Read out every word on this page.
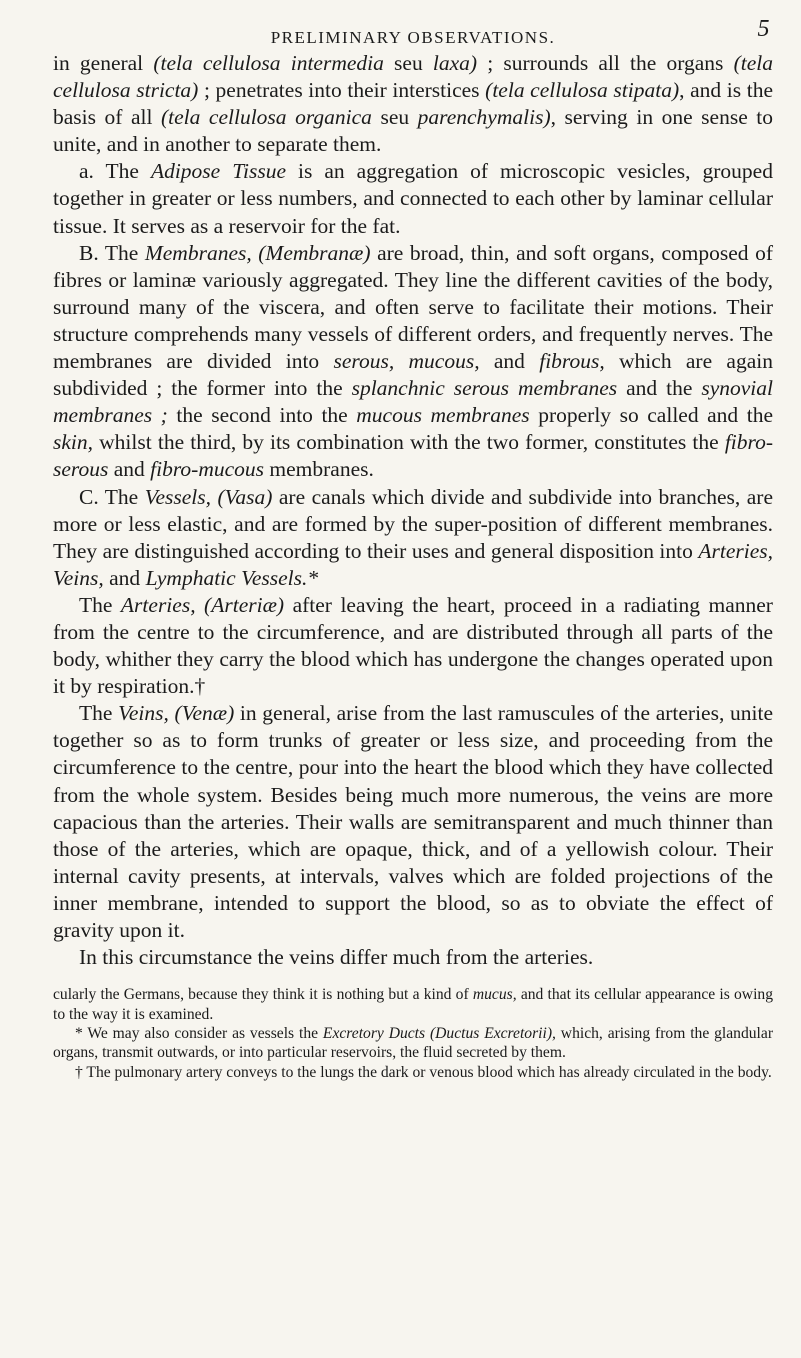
PRELIMINARY OBSERVATIONS.	5

in general (tela cellulosa intermedia seu laxa) ; surrounds all the organs (tela cellulosa stricta) ; penetrates into their interstices (tela cellulosa stipata), and is the basis of all (tela cellulosa organica seu parenchymalis), serving in one sense to unite, and in another to separate them.

a. The Adipose Tissue is an aggregation of microscopic vesicles, grouped together in greater or less numbers, and connected to each other by laminar cellular tissue. It serves as a reservoir for the fat.

B. The Membranes, (Membranæ) are broad, thin, and soft organs, composed of fibres or laminæ variously aggregated. They line the different cavities of the body, surround many of the viscera, and often serve to facilitate their motions. Their structure comprehends many vessels of different orders, and frequently nerves. The membranes are divided into serous, mucous, and fibrous, which are again subdivided ; the former into the splanchnic serous membranes and the synovial membranes ; the second into the mucous membranes properly so called and the skin, whilst the third, by its combination with the two former, constitutes the fibro-serous and fibro-mucous membranes.

C. The Vessels, (Vasa) are canals which divide and subdivide into branches, are more or less elastic, and are formed by the super-position of different membranes. They are distinguished according to their uses and general disposition into Arteries, Veins, and Lymphatic Vessels.*

The Arteries, (Arteriæ) after leaving the heart, proceed in a radiating manner from the centre to the circumference, and are distributed through all parts of the body, whither they carry the blood which has undergone the changes operated upon it by respiration.†

The Veins, (Venæ) in general, arise from the last ramuscules of the arteries, unite together so as to form trunks of greater or less size, and proceeding from the circumference to the centre, pour into the heart the blood which they have collected from the whole system. Besides being much more numerous, the veins are more capacious than the arteries. Their walls are semitransparent and much thinner than those of the arteries, which are opaque, thick, and of a yellowish colour. Their internal cavity presents, at intervals, valves which are folded projections of the inner membrane, intended to support the blood, so as to obviate the effect of gravity upon it.

In this circumstance the veins differ much from the arteries.

cularly the Germans, because they think it is nothing but a kind of mucus, and that its cellular appearance is owing to the way it is examined.

* We may also consider as vessels the Excretory Ducts (Ductus Excretorii), which, arising from the glandular organs, transmit outwards, or into particular reservoirs, the fluid secreted by them.

† The pulmonary artery conveys to the lungs the dark or venous blood which has already circulated in the body.
